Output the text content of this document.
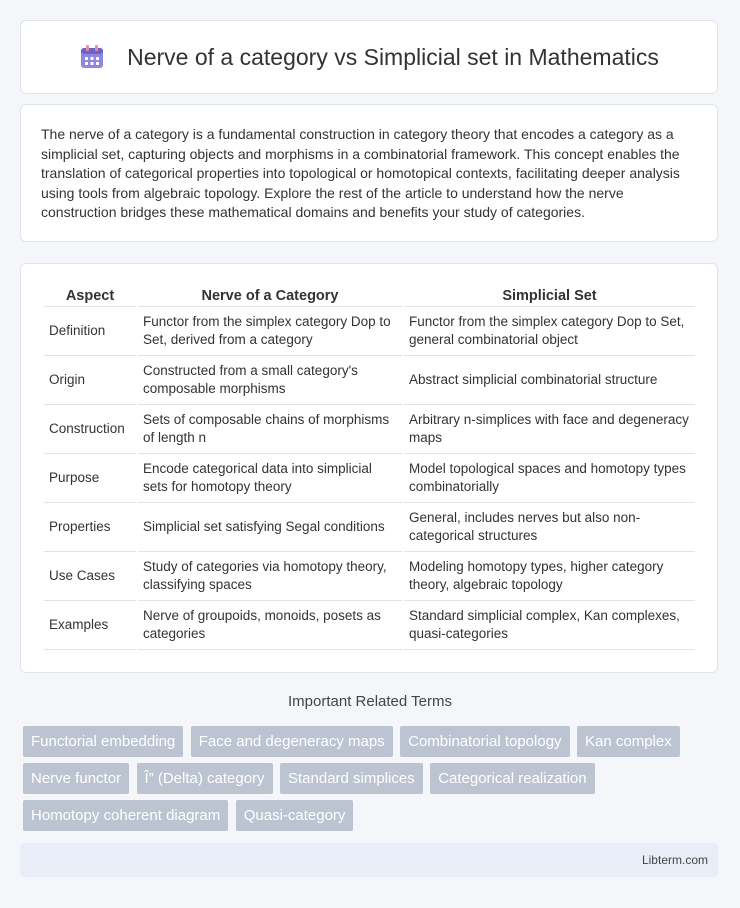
Nerve of a category vs Simplicial set in Mathematics

The nerve of a category is a fundamental construction in category theory that encodes a category as a simplicial set, capturing objects and morphisms in a combinatorial framework. This concept enables the translation of categorical properties into topological or homotopical contexts, facilitating deeper analysis using tools from algebraic topology. Explore the rest of the article to understand how the nerve construction bridges these mathematical domains and benefits your study of categories.

Aspect	Nerve of a Category	Simplicial Set
Definition	Functor from the simplex category Dop to Set, derived from a category	Functor from the simplex category Dop to Set, general combinatorial object
Origin	Constructed from a small category's composable morphisms	Abstract simplicial combinatorial structure
Construction	Sets of composable chains of morphisms of length n	Arbitrary n-simplices with face and degeneracy maps
Purpose	Encode categorical data into simplicial sets for homotopy theory	Model topological spaces and homotopy types combinatorially
Properties	Simplicial set satisfying Segal conditions	General, includes nerves but also non-categorical structures
Use Cases	Study of categories via homotopy theory, classifying spaces	Modeling homotopy types, higher category theory, algebraic topology
Examples	Nerve of groupoids, monoids, posets as categories	Standard simplicial complex, Kan complexes, quasi-categories
Important Related Terms
Functorial embedding Face and degeneracy maps Combinatorial topology Kan complex Nerve functor Î” (Delta) category Standard simplices Categorical realization Homotopy coherent diagram Quasi-category
Libterm.com
